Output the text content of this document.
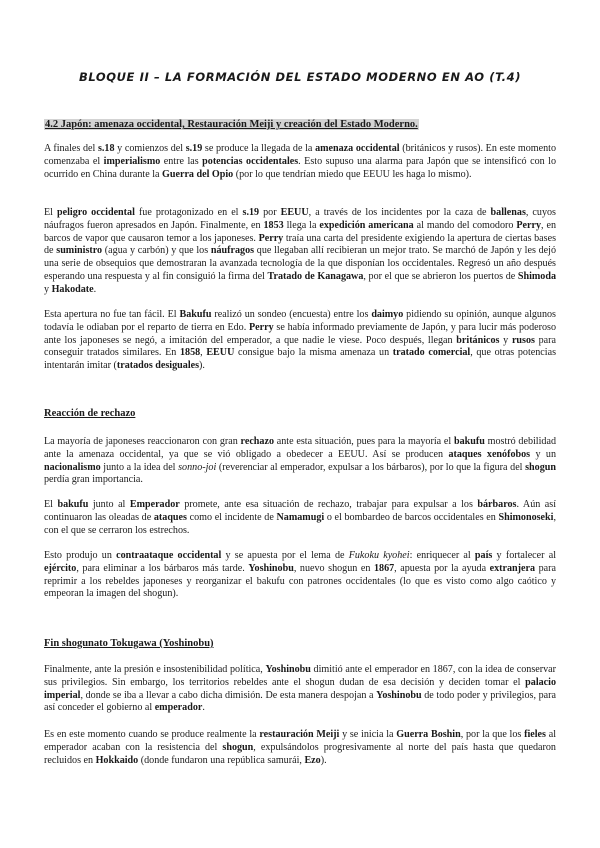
BLOQUE II – LA FORMACIÓN DEL ESTADO MODERNO EN AO (T.4)
4.2 Japón: amenaza occidental, Restauración Meiji y creación del Estado Moderno.

A finales del s.18 y comienzos del s.19 se produce la llegada de la amenaza occidental (británicos y rusos). En este momento comenzaba el imperialismo entre las potencias occidentales. Esto supuso una alarma para Japón que se intensificó con lo ocurrido en China durante la Guerra del Opio (por lo que tendrían miedo que EEUU les haga lo mismo).

El peligro occidental fue protagonizado en el s.19 por EEUU, a través de los incidentes por la caza de ballenas, cuyos náufragos fueron apresados en Japón. Finalmente, en 1853 llega la expedición americana al mando del comodoro Perry, en barcos de vapor que causaron temor a los japoneses. Perry traía una carta del presidente exigiendo la apertura de ciertas bases de suministro (agua y carbón) y que los náufragos que llegaban allí recibieran un mejor trato. Se marchó de Japón y les dejó una serie de obsequios que demostraran la avanzada tecnología de la que disponían los occidentales. Regresó un año después esperando una respuesta y al fin consiguió la firma del Tratado de Kanagawa, por el que se abrieron los puertos de Shimoda y Hakodate.

Esta apertura no fue tan fácil. El Bakufu realizó un sondeo (encuesta) entre los daimyo pidiendo su opinión, aunque algunos todavía le odiaban por el reparto de tierra en Edo. Perry se había informado previamente de Japón, y para lucir más poderoso ante los japoneses se negó, a imitación del emperador, a que nadie le viese. Poco después, llegan británicos y rusos para conseguir tratados similares. En 1858, EEUU consigue bajo la misma amenaza un tratado comercial, que otras potencias intentarán imitar (tratados desiguales).

Reacción de rechazo

La mayoría de japoneses reaccionaron con gran rechazo ante esta situación, pues para la mayoría el bakufu mostró debilidad ante la amenaza occidental, ya que se vió obligado a obedecer a EEUU. Así se producen ataques xenófobos y un nacionalismo junto a la idea del sonno-joi (reverenciar al emperador, expulsar a los bárbaros), por lo que la figura del shogun perdía gran importancia.

El bakufu junto al Emperador promete, ante esa situación de rechazo, trabajar para expulsar a los bárbaros. Aún así continuaron las oleadas de ataques como el incidente de Namamugi o el bombardeo de barcos occidentales en Shimonoseki, con el que se cerraron los estrechos.

Esto produjo un contraataque occidental y se apuesta por el lema de Fukoku kyohei: enriquecer al país y fortalecer al ejército, para eliminar a los bárbaros más tarde. Yoshinobu, nuevo shogun en 1867, apuesta por la ayuda extranjera para reprimir a los rebeldes japoneses y reorganizar el bakufu con patrones occidentales (lo que es visto como algo caótico y empeoran la imagen del shogun).

Fin shogunato Tokugawa (Yoshinobu)

Finalmente, ante la presión e insostenibilidad política, Yoshinobu dimitió ante el emperador en 1867, con la idea de conservar sus privilegios. Sin embargo, los territorios rebeldes ante el shogun dudan de esa decisión y deciden tomar el palacio imperial, donde se iba a llevar a cabo dicha dimisión. De esta manera despojan a Yoshinobu de todo poder y privilegios, para así conceder el gobierno al emperador.

Es en este momento cuando se produce realmente la restauración Meiji y se inicia la Guerra Boshin, por la que los fieles al emperador acaban con la resistencia del shogun, expulsándolos progresivamente al norte del país hasta que quedaron recluidos en Hokkaido (donde fundaron una república samurái, Ezo).
